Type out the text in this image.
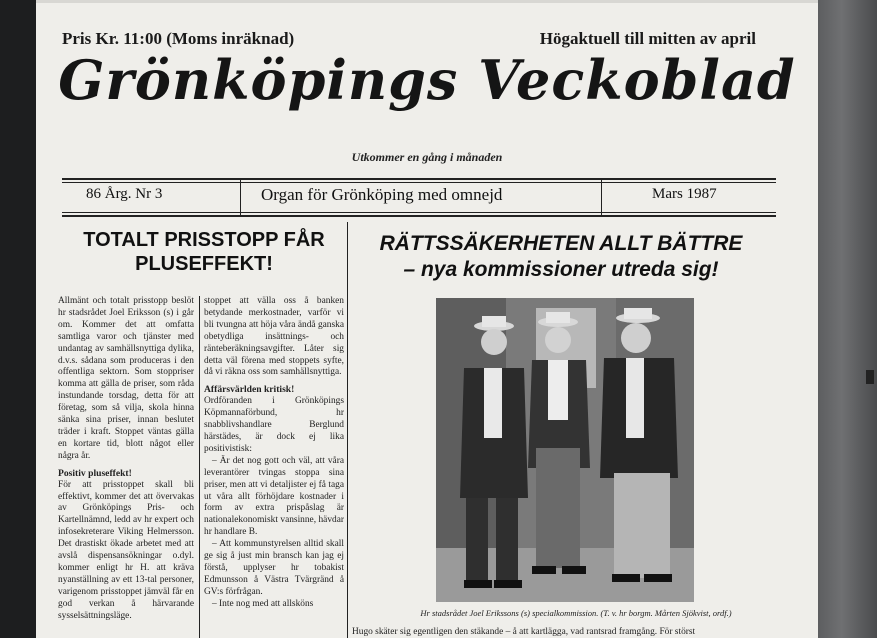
Pris Kr. 11:00 (Moms inräknad)	Högaktuell till mitten av april
Grönköpings Veckoblad
Utkommer en gång i månaden
86 Årg. Nr 3	Organ för Grönköping med omnejd	Mars 1987
TOTALT PRISSTOPP FÅR PLUSEFFEKT!

Allmänt och totalt prisstopp beslöt hr stadsrådet Joel Eriksson (s) i går om. Kommer det att omfatta samtliga varor och tjänster med undantag av samhällsnyttiga dylika, d.v.s. sådana som produceras i den offentliga sektorn. Som stoppriser komma att gälla de priser, som råda instundande torsdag, detta för att företag, som så vilja, skola hinna sänka sina priser, innan beslutet träder i kraft. Stoppet väntas gälla en kortare tid, blott något eller några år.

Positiv pluseffekt!

För att prisstoppet skall bli effektivt, kommer det att övervakas av Grönköpings Pris- och Kartellnämnd, ledd av hr expert och infosekreterare Viking Helmersson. Det drastiskt ökade arbetet med att avslå dispensansökningar o.dyl. kommer enligt hr H. att kräva nyanställning av ett 13-tal personer, varigenom prisstoppet jämväl får en god verkan å härvarande sysselsättningsläge.

stoppet att välla oss å banken betydande merkostnader, varför vi bli tvungna att höja våra ändå ganska obetydliga insättnings- och ränteberäkningsavgifter. Låter sig detta väl förena med stoppets syfte, då vi räkna oss som samhällsnyttiga.

Affärsvärlden kritisk!

Ordföranden i Grönköpings Köpmannaförbund, hr snabblivshandlare Berglund härstädes, är dock ej lika positivistisk:

– Är det nog gott och väl, att våra leverantörer tvingas stoppa sina priser, men att vi detaljister ej få taga ut våra allt förhöjdare kostnader i form av extra prispåslag är nationalekonomiskt vansinne, hävdar hr handlare B.

– Att kommunstyrelsen alltid skall ge sig å just min bransch kan jag ej förstå, upplyser hr tobakist Edmunsson å Västra Tvärgränd å GV:s förfrågan.

– Inte nog med att allsköns

RÄTTSSÄKERHETEN ALLT BÄTTRE
– nya kommissioner utreda sig!
Hr stadsrådet Joel Erikssons (s) specialkommission. (T. v. hr borgm. Mårten Sjökvist, ordf.)
Hugo skäter sig egentligen den stäkande – å att kartlägga, vad rantsrad framgång. För störst
